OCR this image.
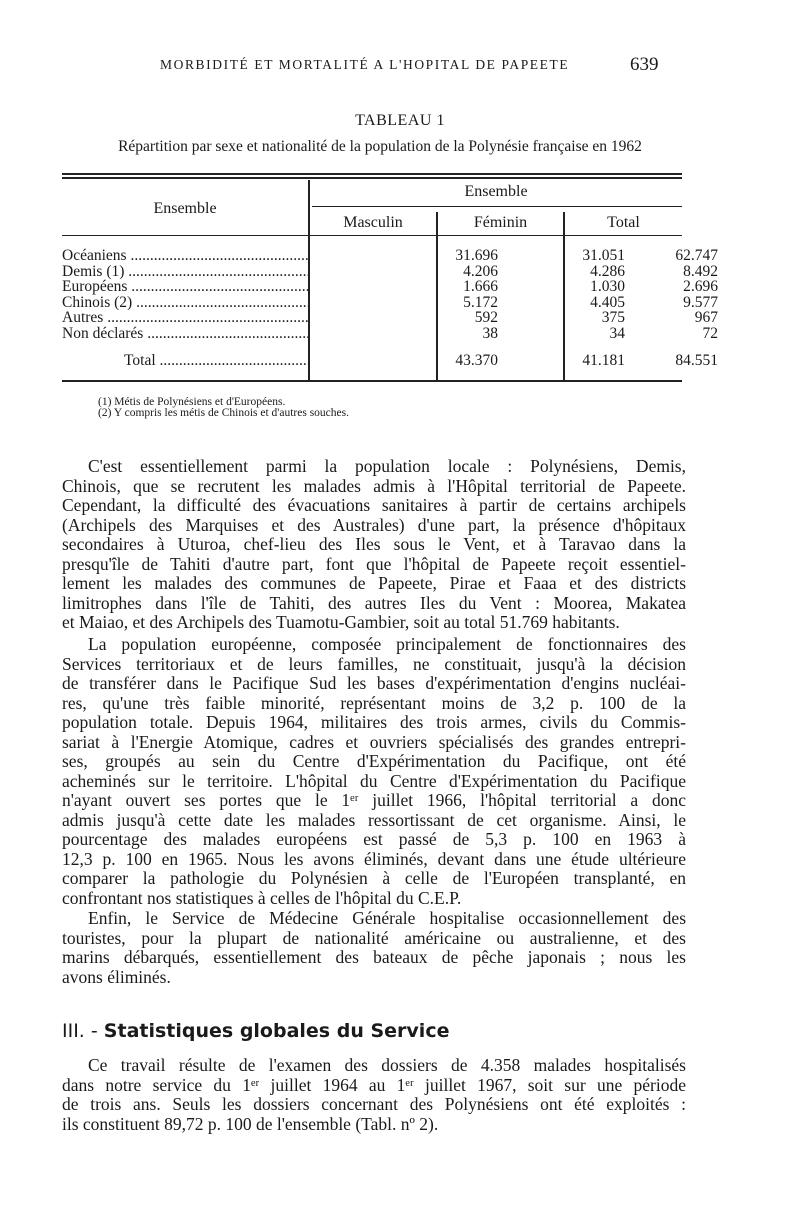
MORBIDITÉ ET MORTALITÉ A L'HOPITAL DE PAPEETE	639
TABLEAU 1
Répartition par sexe et nationalité de la population de la Polynésie française en 1962
Ensemble
Ensemble
Masculin	Féminin	Total
Océaniens .....		31.696	31.051	62.747	
Demis (1) .....		4.206	4.286	8.492	
Européens .....		1.666	1.030	2.696	
Chinois (2) .....		5.172	4.405	9.577	
Autres .....		592	375	967	
Non déclarés .....		38	34	72	
Total .....		43.370	41.181	84.551	
(1) Métis de Polynésiens et d'Européens.
(2) Y compris les métis de Chinois et d'autres souches.
C'est essentiellement parmi la population locale : Polynésiens, Demis,
Chinois, que se recrutent les malades admis à l'Hôpital territorial de Papeete.
Cependant, la difficulté des évacuations sanitaires à partir de certains archipels
(Archipels des Marquises et des Australes) d'une part, la présence d'hôpitaux
secondaires à Uturoa, chef-lieu des Iles sous le Vent, et à Taravao dans la
presqu'île de Tahiti d'autre part, font que l'hôpital de Papeete reçoit essentiel-
lement les malades des communes de Papeete, Pirae et Faaa et des districts
limitrophes dans l'île de Tahiti, des autres Iles du Vent : Moorea, Makatea
et Maiao, et des Archipels des Tuamotu-Gambier, soit au total 51.769 habitants.
La population européenne, composée principalement de fonctionnaires des
Services territoriaux et de leurs familles, ne constituait, jusqu'à la décision
de transférer dans le Pacifique Sud les bases d'expérimentation d'engins nucléai-
res, qu'une très faible minorité, représentant moins de 3,2 p. 100 de la
population totale. Depuis 1964, militaires des trois armes, civils du Commis-
sariat à l'Energie Atomique, cadres et ouvriers spécialisés des grandes entrepri-
ses, groupés au sein du Centre d'Expérimentation du Pacifique, ont été
acheminés sur le territoire. L'hôpital du Centre d'Expérimentation du Pacifique
n'ayant ouvert ses portes que le 1ᵉʳ juillet 1966, l'hôpital territorial a donc
admis jusqu'à cette date les malades ressortissant de cet organisme. Ainsi, le
pourcentage des malades européens est passé de 5,3 p. 100 en 1963 à
12,3 p. 100 en 1965. Nous les avons éliminés, devant dans une étude ultérieure
comparer la pathologie du Polynésien à celle de l'Européen transplanté, en
confrontant nos statistiques à celles de l'hôpital du C.E.P.
Enfin, le Service de Médecine Générale hospitalise occasionnellement des
touristes, pour la plupart de nationalité américaine ou australienne, et des
marins débarqués, essentiellement des bateaux de pêche japonais ; nous les
avons éliminés.
III. - Statistiques globales du Service
Ce travail résulte de l'examen des dossiers de 4.358 malades hospitalisés
dans notre service du 1ᵉʳ juillet 1964 au 1ᵉʳ juillet 1967, soit sur une période
de trois ans. Seuls les dossiers concernant des Polynésiens ont été exploités :
ils constituent 89,72 p. 100 de l'ensemble (Tabl. nº 2).
